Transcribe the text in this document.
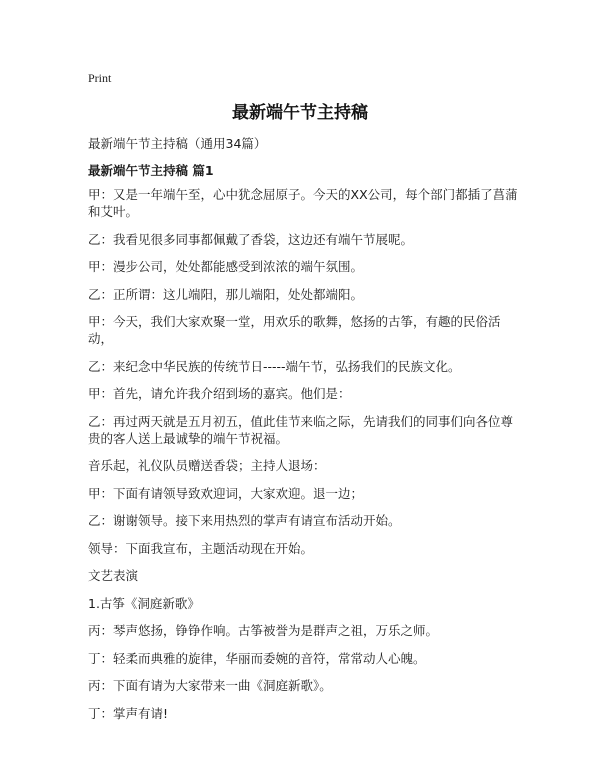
Print
最新端午节主持稿
最新端午节主持稿（通用34篇）
最新端午节主持稿 篇1

甲：又是一年端午至，心中犹念屈原子。今天的XX公司，每个部门都插了菖蒲和艾叶。

乙：我看见很多同事都佩戴了香袋，这边还有端午节展呢。

甲：漫步公司，处处都能感受到浓浓的端午氛围。

乙：正所谓：这儿端阳，那儿端阳，处处都端阳。

甲：今天，我们大家欢聚一堂，用欢乐的歌舞，悠扬的古筝，有趣的民俗活动，

乙：来纪念中华民族的传统节日-----端午节，弘扬我们的民族文化。

甲：首先，请允许我介绍到场的嘉宾。他们是：

乙：再过两天就是五月初五，值此佳节来临之际，先请我们的同事们向各位尊贵的客人送上最诚挚的端午节祝福。

音乐起，礼仪队员赠送香袋；主持人退场：

甲：下面有请领导致欢迎词，大家欢迎。退一边；

乙：谢谢领导。接下来用热烈的掌声有请宣布活动开始。

领导：下面我宣布，主题活动现在开始。

文艺表演

1.古筝《洞庭新歌》

丙：琴声悠扬，铮铮作响。古筝被誉为是群声之祖，万乐之师。

丁：轻柔而典雅的旋律，华丽而委婉的音符，常常动人心魄。

丙：下面有请为大家带来一曲《洞庭新歌》。

丁：掌声有请!
